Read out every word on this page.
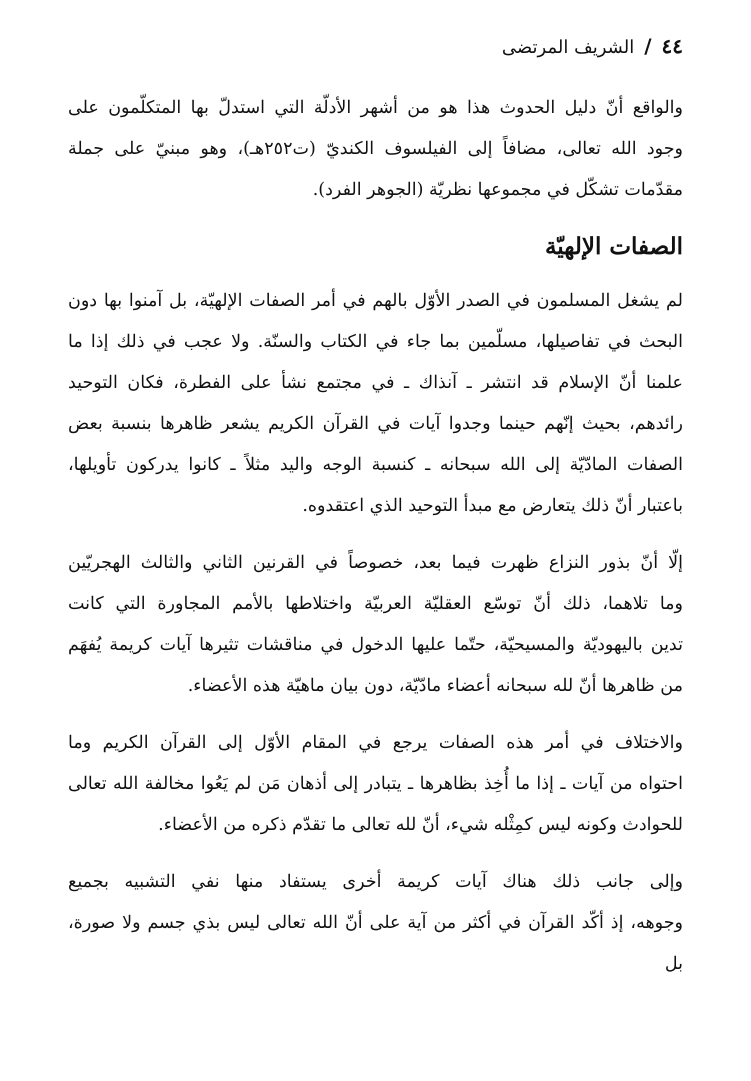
٤٤
/
الشريف المرتضى

والواقع أنّ دليل الحدوث هذا هو من أشهر الأدلّة التي استدلّ بها المتكلّمون على
وجود الله تعالى، مضافاً إلى الفيلسوف الكنديّ (ت٢٥٢هـ)، وهو مبنيّ على جملة
مقدّمات تشكّل في مجموعها نظريّة (الجوهر الفرد).

الصفات الإلهيّة

لم يشغل المسلمون في الصدر الأوّل بالهم في أمر الصفات الإلهيّة، بل آمنوا بها دون
البحث في تفاصيلها، مسلّمين بما جاء في الكتاب والسنّة. ولا عجب في ذلك إذا ما
علمنا أنّ الإسلام قد انتشر ـ آنذاك ـ في مجتمع نشأ على الفطرة، فكان التوحيد
رائدهم، بحيث إنّهم حينما وجدوا آيات في القرآن الكريم يشعر ظاهرها بنسبة بعض
الصفات المادّيّة إلى الله سبحانه ـ كنسبة الوجه واليد مثلاً ـ كانوا يدركون تأويلها،
باعتبار أنّ ذلك يتعارض مع مبدأ التوحيد الذي اعتقدوه.

إلّا أنّ بذور النزاع ظهرت فيما بعد، خصوصاً في القرنين الثاني والثالث الهجريّين
وما تلاهما، ذلك أنّ توسّع العقليّة العربيّة واختلاطها بالأمم المجاورة التي كانت
تدين باليهوديّة والمسيحيّة، حتّما عليها الدخول في مناقشات تثيرها آيات كريمة يُفهَم
من ظاهرها أنّ لله سبحانه أعضاء مادّيّة، دون بيان ماهيّة هذه الأعضاء.

والاختلاف في أمر هذه الصفات يرجع في المقام الأوّل إلى القرآن الكريم وما
احتواه من آيات ـ إذا ما أُخِذ بظاهرها ـ يتبادر إلى أذهان مَن لم يَعُوا مخالفة الله تعالى
للحوادث وكونه ليس كمِثْله شيء، أنّ لله تعالى ما تقدّم ذكره من الأعضاء.

وإلى جانب ذلك هناك آيات كريمة أخرى يستفاد منها نفي التشبيه بجميع
وجوهه، إذ أكّد القرآن في أكثر من آية على أنّ الله تعالى ليس بذي جسم ولا صورة، بل
